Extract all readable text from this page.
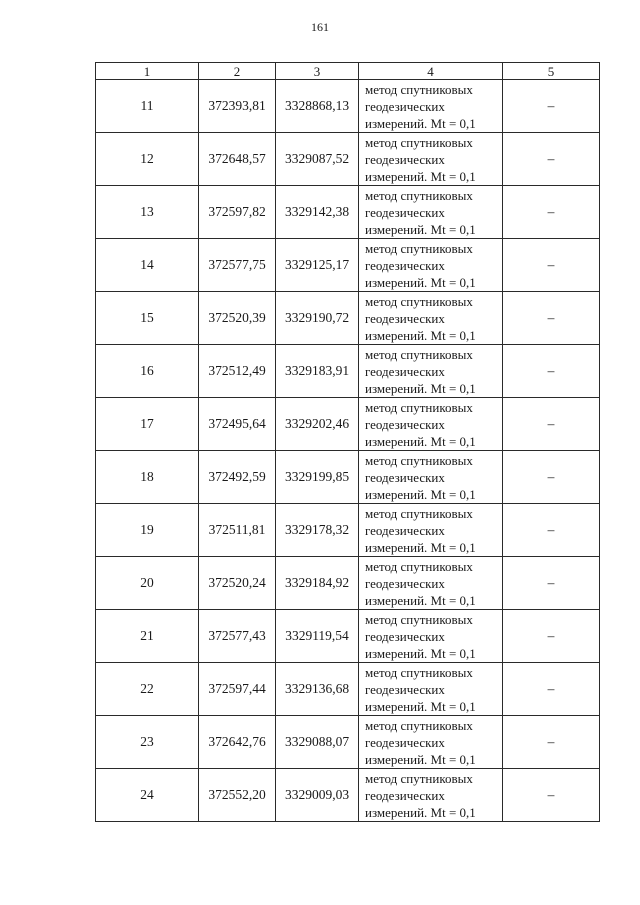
161
1	2	3	4	5
11	372393,81	3328868,13	метод спутниковых
геодезических
измерений. Mt = 0,1	–
12	372648,57	3329087,52	метод спутниковых
геодезических
измерений. Mt = 0,1	–
13	372597,82	3329142,38	метод спутниковых
геодезических
измерений. Mt = 0,1	–
14	372577,75	3329125,17	метод спутниковых
геодезических
измерений. Mt = 0,1	–
15	372520,39	3329190,72	метод спутниковых
геодезических
измерений. Mt = 0,1	–
16	372512,49	3329183,91	метод спутниковых
геодезических
измерений. Mt = 0,1	–
17	372495,64	3329202,46	метод спутниковых
геодезических
измерений. Mt = 0,1	–
18	372492,59	3329199,85	метод спутниковых
геодезических
измерений. Mt = 0,1	–
19	372511,81	3329178,32	метод спутниковых
геодезических
измерений. Mt = 0,1	–
20	372520,24	3329184,92	метод спутниковых
геодезических
измерений. Mt = 0,1	–
21	372577,43	3329119,54	метод спутниковых
геодезических
измерений. Mt = 0,1	–
22	372597,44	3329136,68	метод спутниковых
геодезических
измерений. Mt = 0,1	–
23	372642,76	3329088,07	метод спутниковых
геодезических
измерений. Mt = 0,1	–
24	372552,20	3329009,03	метод спутниковых
геодезических
измерений. Mt = 0,1	–
